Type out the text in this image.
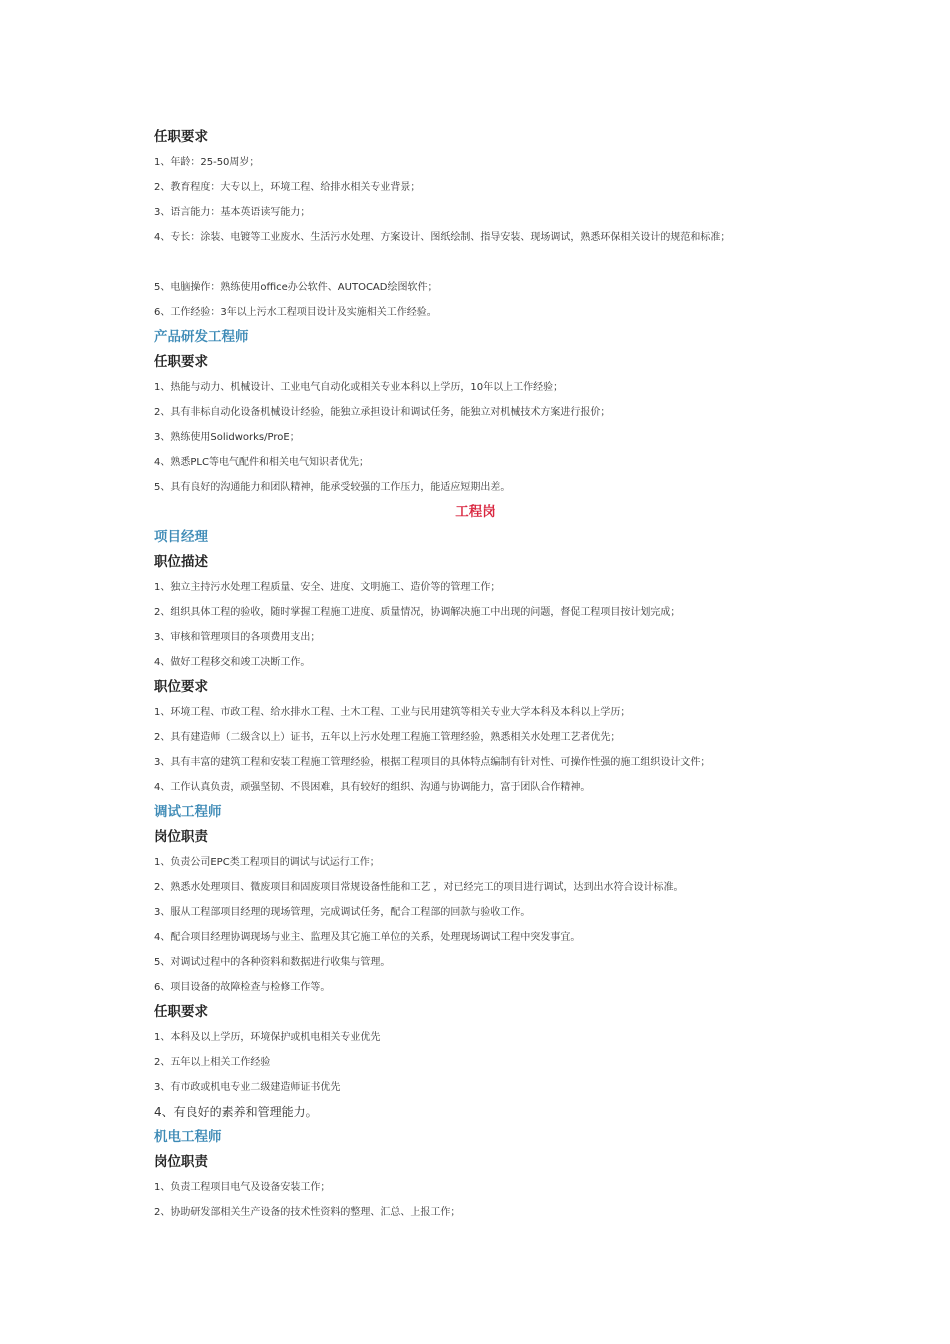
任职要求
1、年龄：25-50周岁；
2、教育程度：大专以上，环境工程、给排水相关专业背景；
3、语言能力：基本英语读写能力；
4、专长：涂装、电镀等工业废水、生活污水处理、方案设计、图纸绘制、指导安装、现场调试，熟悉环保相关设计的规范和标准；
5、电脑操作：熟练使用office办公软件、AUTOCAD绘图软件；
6、工作经验：3年以上污水工程项目设计及实施相关工作经验。
产品研发工程师
任职要求
1、热能与动力、机械设计、工业电气自动化或相关专业本科以上学历，10年以上工作经验；
2、具有非标自动化设备机械设计经验，能独立承担设计和调试任务，能独立对机械技术方案进行报价；
3、熟练使用Solidworks/ProE；
4、熟悉PLC等电气配件和相关电气知识者优先；
5、具有良好的沟通能力和团队精神，能承受较强的工作压力，能适应短期出差。
工程岗
项目经理
职位描述
1、独立主持污水处理工程质量、安全、进度、文明施工、造价等的管理工作；
2、组织具体工程的验收，随时掌握工程施工进度、质量情况，协调解决施工中出现的问题，督促工程项目按计划完成；
3、审核和管理项目的各项费用支出；
4、做好工程移交和竣工决断工作。
职位要求
1、环境工程、市政工程、给水排水工程、土木工程、工业与民用建筑等相关专业大学本科及本科以上学历；
2、具有建造师（二级含以上）证书，五年以上污水处理工程施工管理经验，熟悉相关水处理工艺者优先；
3、具有丰富的建筑工程和安装工程施工管理经验，根据工程项目的具体特点编制有针对性、可操作性强的施工组织设计文件；
4、工作认真负责，顽强坚韧、不畏困难，具有较好的组织、沟通与协调能力，富于团队合作精神。
调试工程师
岗位职责
1、负责公司EPC类工程项目的调试与试运行工作；
2、熟悉水处理项目、微废项目和固废项目常规设备性能和工艺 ，对已经完工的项目进行调试，达到出水符合设计标准。
3、服从工程部项目经理的现场管理，完成调试任务，配合工程部的回款与验收工作。
4、配合项目经理协调现场与业主、监理及其它施工单位的关系，处理现场调试工程中突发事宜。
5、对调试过程中的各种资料和数据进行收集与管理。
6、项目设备的故障检查与检修工作等。
任职要求
1、本科及以上学历，环境保护或机电相关专业优先
2、五年以上相关工作经验
3、有市政或机电专业二级建造师证书优先
4、有良好的素养和管理能力。
机电工程师
岗位职责
1、负责工程项目电气及设备安装工作；
2、协助研发部相关生产设备的技术性资料的整理、汇总、上报工作；
